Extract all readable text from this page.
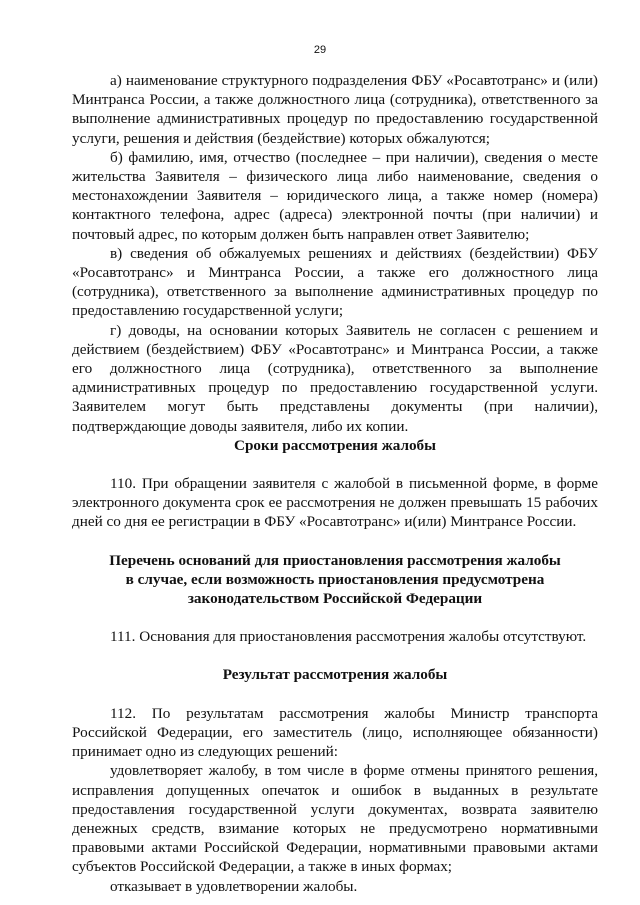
29

а) наименование структурного подразделения ФБУ «Росавтотранс» и (или) Минтранса России, а также должностного лица (сотрудника), ответственного за выполнение административных процедур по предоставлению государственной услуги, решения и действия (бездействие) которых обжалуются;

б) фамилию, имя, отчество (последнее – при наличии), сведения о месте жительства Заявителя – физического лица либо наименование, сведения о местонахождении Заявителя – юридического лица, а также номер (номера) контактного телефона, адрес (адреса) электронной почты (при наличии) и почтовый адрес, по которым должен быть направлен ответ Заявителю;

в) сведения об обжалуемых решениях и действиях (бездействии) ФБУ «Росавтотранс» и Минтранса России, а также его должностного лица (сотрудника), ответственного за выполнение административных процедур по предоставлению государственной услуги;

г) доводы, на основании которых Заявитель не согласен с решением и действием (бездействием) ФБУ «Росавтотранс» и Минтранса России, а также его должностного лица (сотрудника), ответственного за выполнение административных процедур по предоставлению государственной услуги. Заявителем могут быть представлены документы (при наличии), подтверждающие доводы заявителя, либо их копии.

Сроки рассмотрения жалобы

110. При обращении заявителя с жалобой в письменной форме, в форме электронного документа срок ее рассмотрения не должен превышать 15 рабочих дней со дня ее регистрации в ФБУ «Росавтотранс» и(или) Минтрансе России.

Перечень оснований для приостановления рассмотрения жалобы
в случае, если возможность приостановления предусмотрена
законодательством Российской Федерации

111. Основания для приостановления рассмотрения жалобы отсутствуют.

Результат рассмотрения жалобы

112. По результатам рассмотрения жалобы Министр транспорта Российской Федерации, его заместитель (лицо, исполняющее обязанности) принимает одно из следующих решений:

удовлетворяет жалобу, в том числе в форме отмены принятого решения, исправления допущенных опечаток и ошибок в выданных в результате предоставления государственной услуги документах, возврата заявителю денежных средств, взимание которых не предусмотрено нормативными правовыми актами Российской Федерации, нормативными правовыми актами субъектов Российской Федерации, а также в иных формах;

отказывает в удовлетворении жалобы.
